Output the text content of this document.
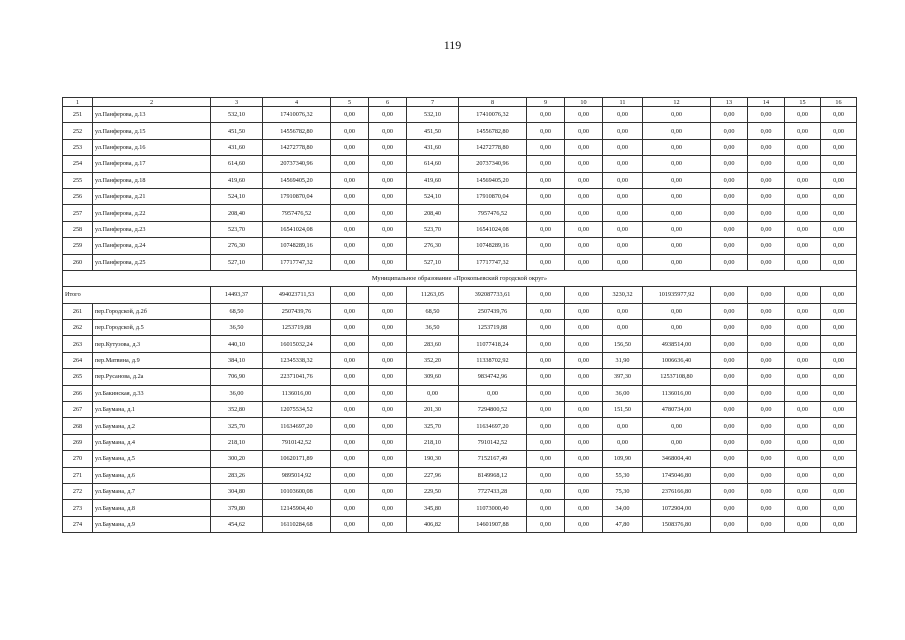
119
1	2	3	4	5	6	7	8	9	10	11	12	13	14	15	16
251	ул.Панферова, д.13	532,10	17410076,32	0,00	0,00	532,10	17410076,32	0,00	0,00	0,00	0,00	0,00	0,00	0,00	0,00
252	ул.Панферова, д.15	451,50	14556782,80	0,00	0,00	451,50	14556782,80	0,00	0,00	0,00	0,00	0,00	0,00	0,00	0,00
253	ул.Панферова, д.16	431,60	14272778,80	0,00	0,00	431,60	14272778,80	0,00	0,00	0,00	0,00	0,00	0,00	0,00	0,00
254	ул.Панферова, д.17	614,60	20737340,96	0,00	0,00	614,60	20737340,96	0,00	0,00	0,00	0,00	0,00	0,00	0,00	0,00
255	ул.Панферова, д.18	419,60	14569405,20	0,00	0,00	419,60	14569405,20	0,00	0,00	0,00	0,00	0,00	0,00	0,00	0,00
256	ул.Панферова, д.21	524,10	17910870,04	0,00	0,00	524,10	17910870,04	0,00	0,00	0,00	0,00	0,00	0,00	0,00	0,00
257	ул.Панферова, д.22	208,40	7957476,52	0,00	0,00	208,40	7957476,52	0,00	0,00	0,00	0,00	0,00	0,00	0,00	0,00
258	ул.Панферова, д.23	523,70	16541024,08	0,00	0,00	523,70	16541024,08	0,00	0,00	0,00	0,00	0,00	0,00	0,00	0,00
259	ул.Панферова, д.24	276,30	10748289,16	0,00	0,00	276,30	10748289,16	0,00	0,00	0,00	0,00	0,00	0,00	0,00	0,00
260	ул.Панферова, д.25	527,10	17717747,32	0,00	0,00	527,10	17717747,32	0,00	0,00	0,00	0,00	0,00	0,00	0,00	0,00
Муниципальное образование «Прокопьевский городской округ»															
Итого		14493,37	494023711,53	0,00	0,00	11263,05	392087733,61	0,00	0,00	3230,32	101935977,92	0,00	0,00	0,00	0,00
261	пер.Городской, д.2б	68,50	2507439,76	0,00	0,00	68,50	2507439,76	0,00	0,00	0,00	0,00	0,00	0,00	0,00	0,00
262	пер.Городской, д.5	36,50	1253719,88	0,00	0,00	36,50	1253719,88	0,00	0,00	0,00	0,00	0,00	0,00	0,00	0,00
263	пер.Кутузова, д.3	440,10	16015032,24	0,00	0,00	283,60	11077418,24	0,00	0,00	156,50	4938514,00	0,00	0,00	0,00	0,00
264	пер.Матвина, д.9	384,10	12345338,32	0,00	0,00	352,20	11338702,92	0,00	0,00	31,90	1006636,40	0,00	0,00	0,00	0,00
265	пер.Русанова, д.2а	706,90	22371041,76	0,00	0,00	309,60	9834742,96	0,00	0,00	397,30	12537108,80	0,00	0,00	0,00	0,00
266	ул.Бакинская, д.33	36,00	1136016,00	0,00	0,00	0,00	0,00	0,00	0,00	36,00	1136016,00	0,00	0,00	0,00	0,00
267	ул.Баумана, д.1	352,80	12075534,52	0,00	0,00	201,30	7294800,52	0,00	0,00	151,50	4780734,00	0,00	0,00	0,00	0,00
268	ул.Баумана, д.2	325,70	11634697,20	0,00	0,00	325,70	11634697,20	0,00	0,00	0,00	0,00	0,00	0,00	0,00	0,00
269	ул.Баумана, д.4	218,10	7910142,52	0,00	0,00	218,10	7910142,52	0,00	0,00	0,00	0,00	0,00	0,00	0,00	0,00
270	ул.Баумана, д.5	300,20	10620171,89	0,00	0,00	190,30	7152167,49	0,00	0,00	109,90	3468004,40	0,00	0,00	0,00	0,00
271	ул.Баумана, д.6	283,26	9895014,92	0,00	0,00	227,96	8149968,12	0,00	0,00	55,30	1745046,80	0,00	0,00	0,00	0,00
272	ул.Баумана, д.7	304,80	10103600,08	0,00	0,00	229,50	7727433,28	0,00	0,00	75,30	2376166,80	0,00	0,00	0,00	0,00
273	ул.Баумана, д.8	379,80	12145904,40	0,00	0,00	345,80	11073000,40	0,00	0,00	34,00	1072904,00	0,00	0,00	0,00	0,00
274	ул.Баумана, д.9	454,62	16110284,68	0,00	0,00	406,82	14601907,88	0,00	0,00	47,80	1508376,80	0,00	0,00	0,00	0,00
